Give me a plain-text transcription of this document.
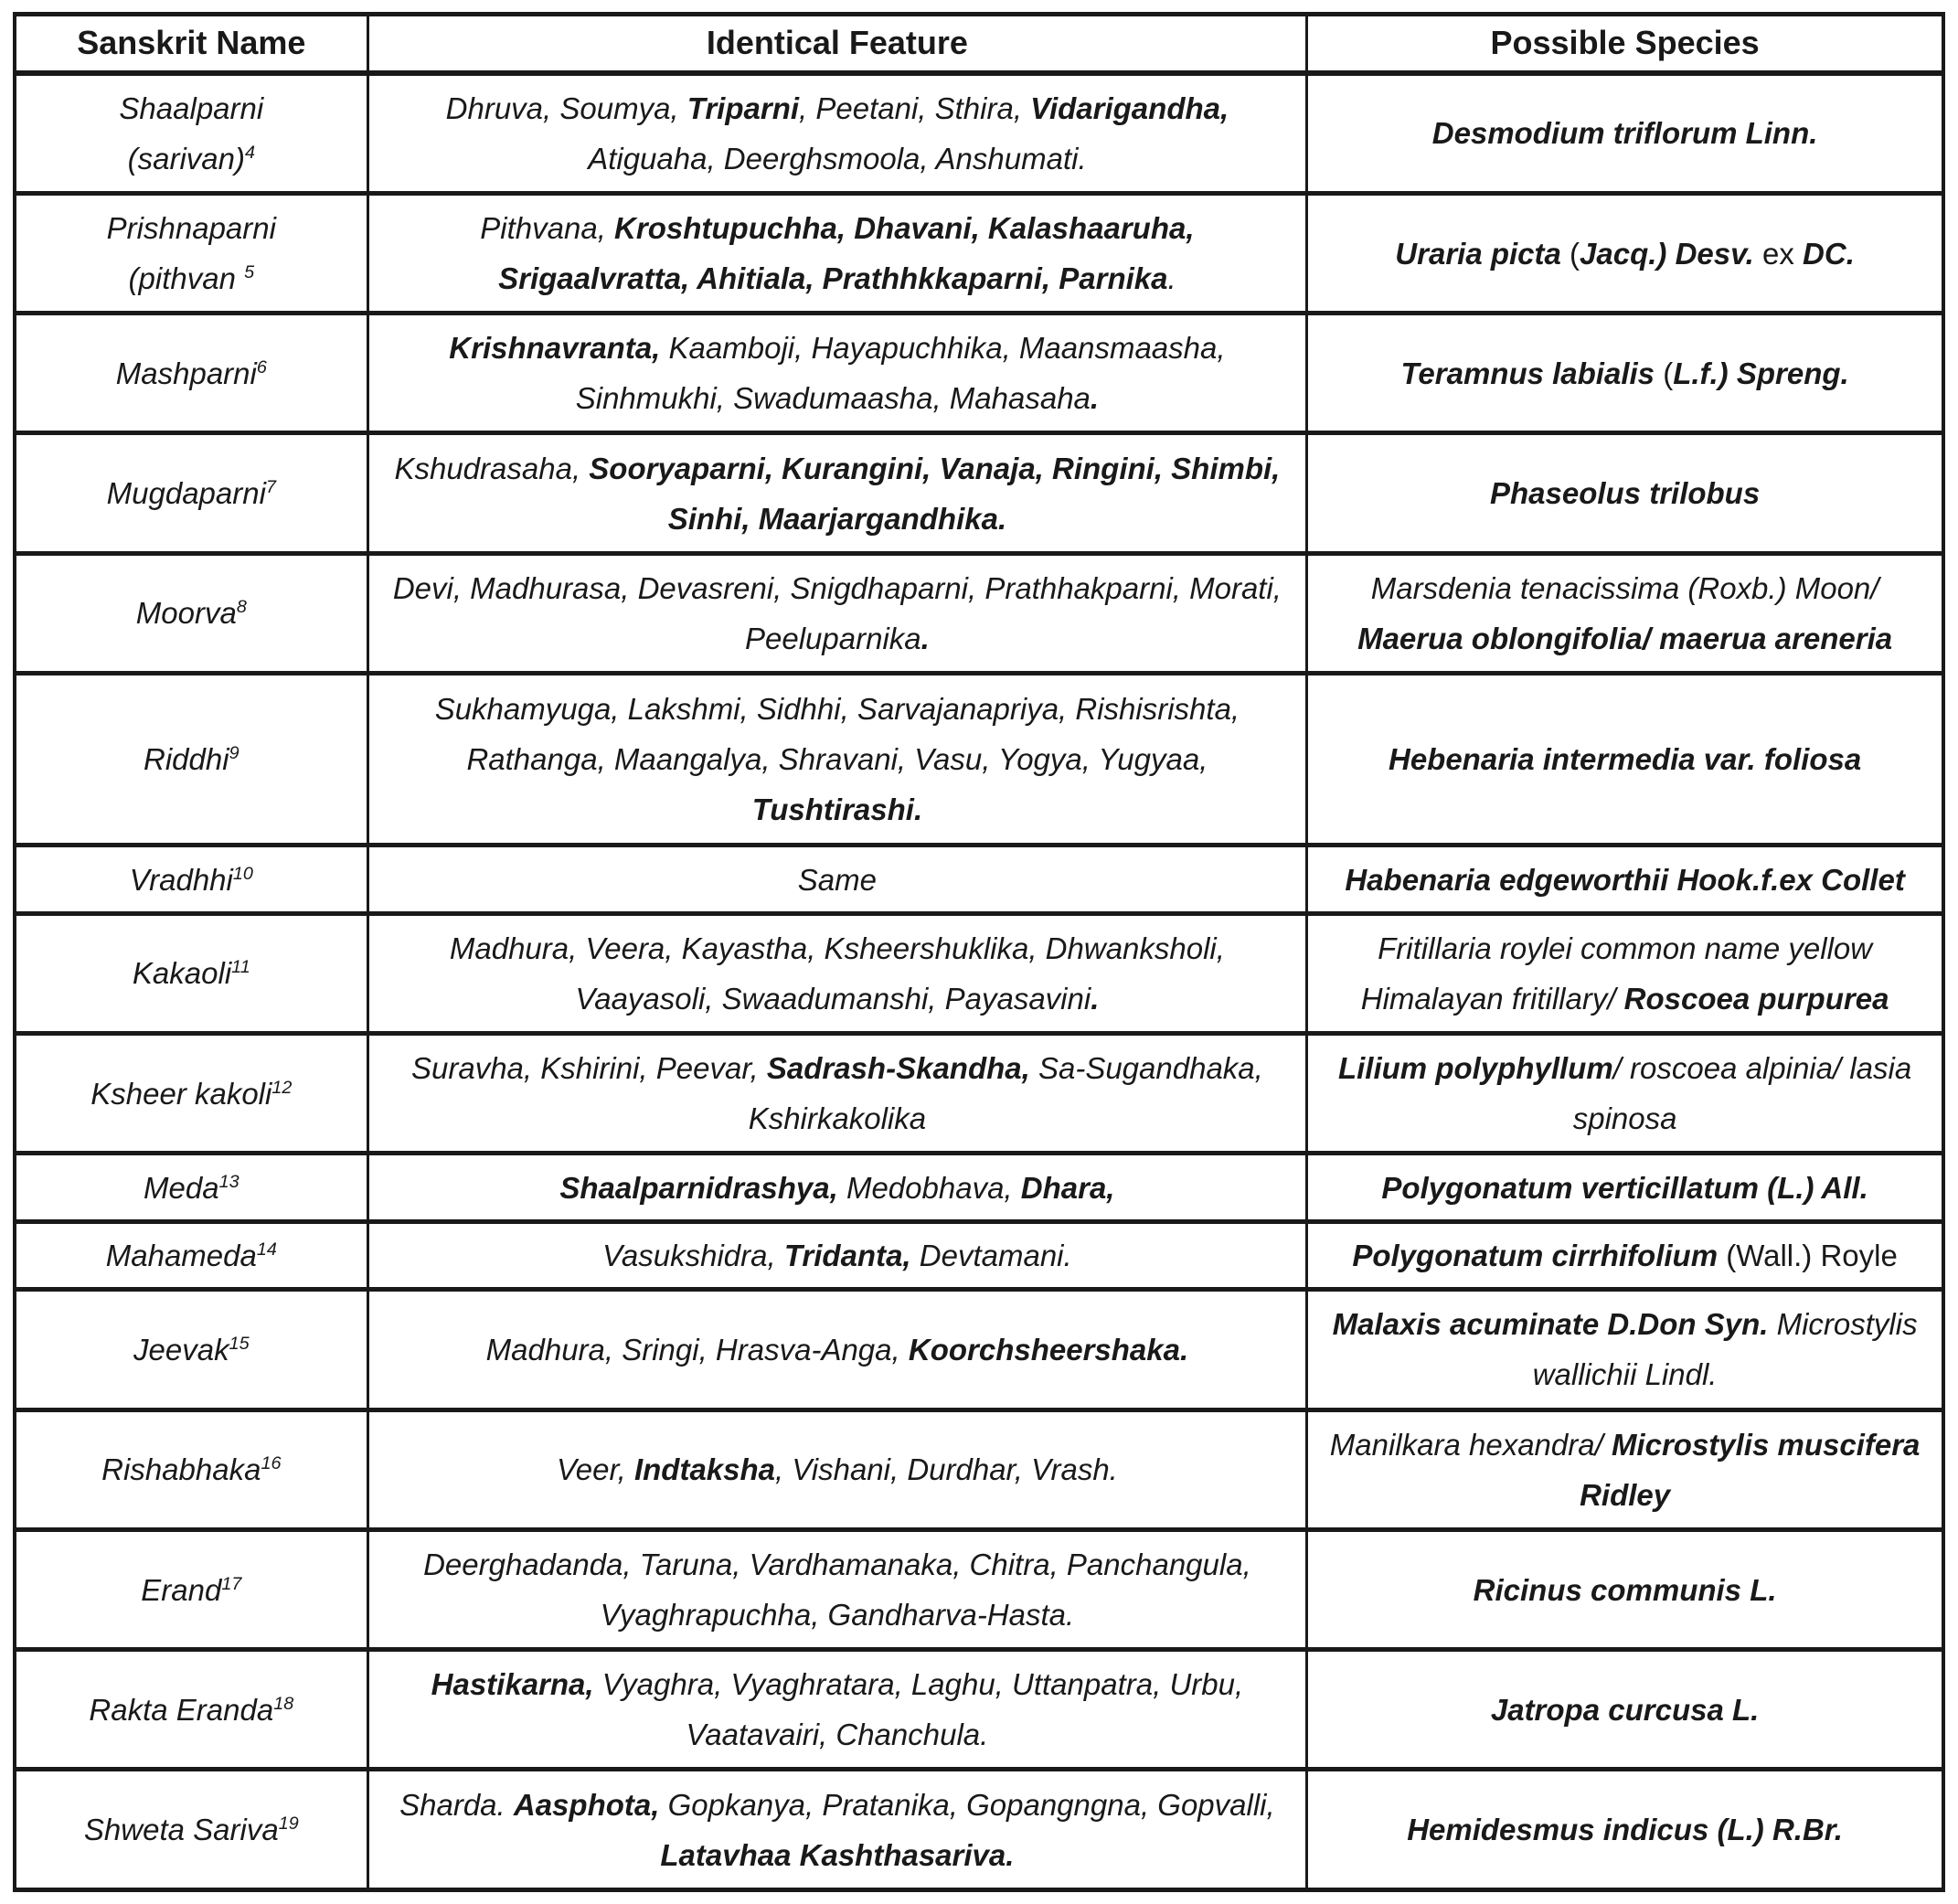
Sanskrit Name	Identical Feature	Possible Species
Shaalparni
(sarivan)$^4$	Dhruva, Soumya, Triparni, Peetani, Sthira, Vidarigandha, Atiguaha, Deerghsmoola, Anshumati.	Desmodium triflorum Linn.
Prishnaparni
(pithvan $^5$	Pithvana, Kroshtupuchha, Dhavani, Kalashaaruha, Srigaalvratta, Ahitiala, Prathhkkaparni, Parnika.	Uraria picta (Jacq.) Desv. ex DC.
Mashparni$^6$	Krishnavranta, Kaamboji, Hayapuchhika, Maansmaasha, Sinhmukhi, Swadumaasha, Mahasaha.	Teramnus labialis (L.f.) Spreng.
Mugdaparni$^7$	Kshudrasaha, Sooryaparni, Kurangini, Vanaja, Ringini, Shimbi, Sinhi, Maarjargandhika.	Phaseolus trilobus
Moorva$^8$	Devi, Madhurasa, Devasreni, Snigdhaparni, Prathhakparni, Morati, Peeluparnika.	Marsdenia tenacissima (Roxb.) Moon/ Maerua oblongifolia/ maerua areneria
Riddhi$^9$	Sukhamyuga, Lakshmi, Sidhhi, Sarvajanapriya, Rishisrishta, Rathanga, Maangalya, Shravani, Vasu, Yogya, Yugyaa, Tushtirashi.	Hebenaria intermedia var. foliosa
Vradhhi$^{10}$	Same	Habenaria edgeworthii Hook.f.ex Collet
Kakaoli$^{11}$	Madhura, Veera, Kayastha, Ksheershuklika, Dhwanksholi, Vaayasoli, Swaadumanshi, Payasavini.	Fritillaria roylei common name yellow Himalayan fritillary/ Roscoea purpurea
Ksheer kakoli$^{12}$	Suravha, Kshirini, Peevar, Sadrash-Skandha, Sa-Sugandhaka, Kshirkakolika	Lilium polyphyllum/ roscoea alpinia/ lasia spinosa
Meda$^{13}$	Shaalparnidrashya, Medobhava, Dhara,	Polygonatum verticillatum (L.) All.
Mahameda$^{14}$	Vasukshidra, Tridanta, Devtamani.	Polygonatum cirrhifolium (Wall.) Royle
Jeevak$^{15}$	Madhura, Sringi, Hrasva-Anga, Koorchsheershaka.	Malaxis acuminate D.Don Syn. Microstylis wallichii Lindl.
Rishabhaka$^{16}$	Veer, Indtaksha, Vishani, Durdhar, Vrash.	Manilkara hexandra/ Microstylis muscifera Ridley
Erand$^{17}$	Deerghadanda, Taruna, Vardhamanaka, Chitra, Panchangula, Vyaghrapuchha, Gandharva-Hasta.	Ricinus communis L.
Rakta Eranda$^{18}$	Hastikarna, Vyaghra, Vyaghratara, Laghu, Uttanpatra, Urbu, Vaatavairi, Chanchula.	Jatropa curcusa L.
Shweta Sariva$^{19}$	Sharda. Aasphota, Gopkanya, Pratanika, Gopangngna, Gopvalli, Latavhaa Kashthasariva.	Hemidesmus indicus (L.) R.Br.
